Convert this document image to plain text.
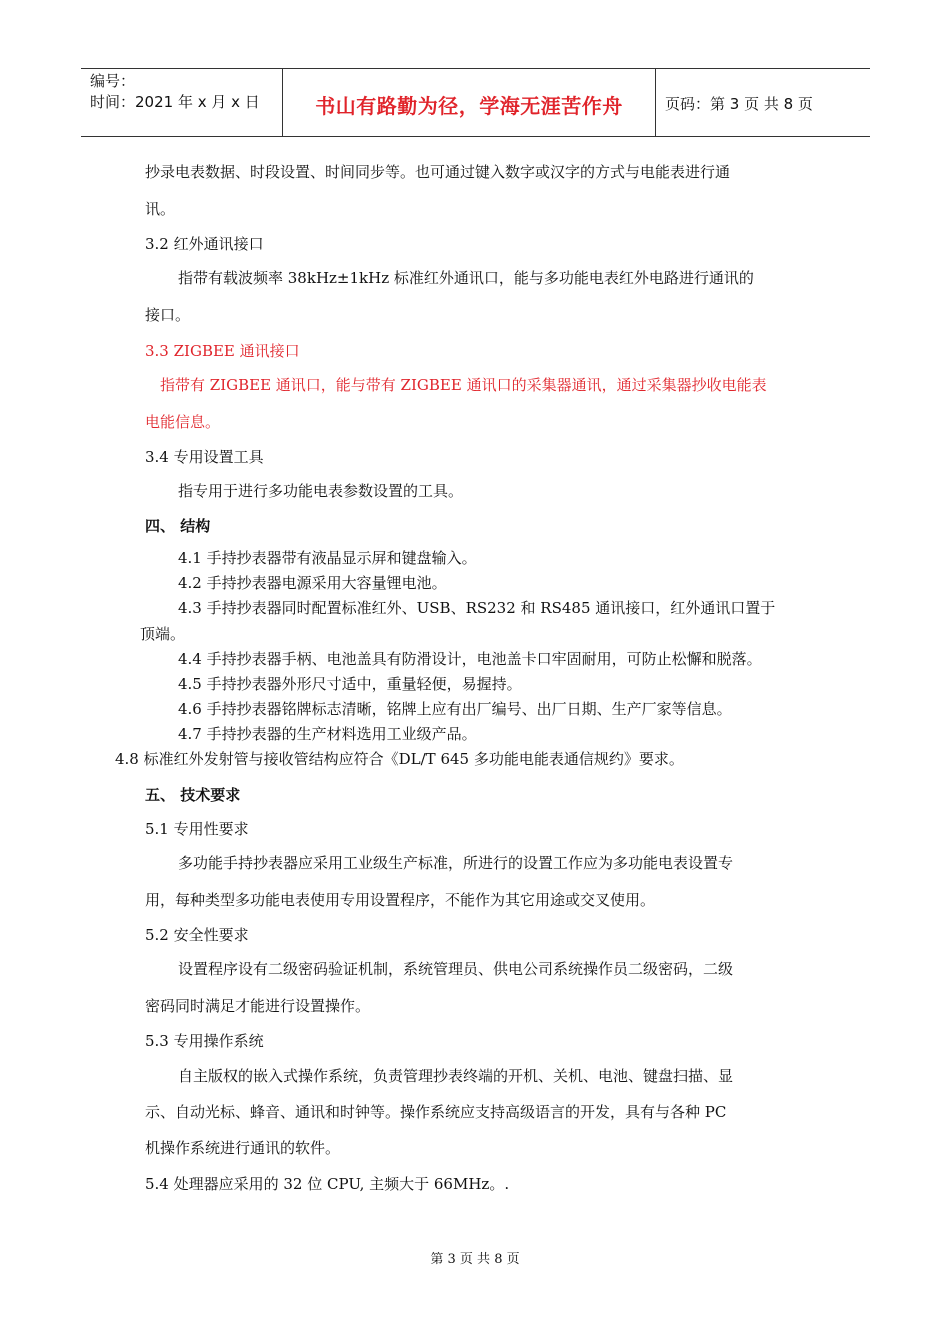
编号：
时间：2021 年 x 月 x 日	书山有路勤为径，学海无涯苦作舟	页码：第 3 页 共 8 页
抄录电表数据、时段设置、时间同步等。也可通过键入数字或汉字的方式与电能表进行通
讯。
3.2 红外通讯接口
指带有载波频率 38kHz±1kHz 标准红外通讯口，能与多功能电表红外电路进行通讯的
接口。
3.3 ZIGBEE 通讯接口
指带有 ZIGBEE 通讯口，能与带有 ZIGBEE 通讯口的采集器通讯，通过采集器抄收电能表
电能信息。
3.4 专用设置工具
指专用于进行多功能电表参数设置的工具。
四、 结构
4.1 手持抄表器带有液晶显示屏和键盘输入。
4.2 手持抄表器电源采用大容量锂电池。
4.3 手持抄表器同时配置标准红外、USB、RS232 和 RS485 通讯接口，红外通讯口置于
顶端。
4.4 手持抄表器手柄、电池盖具有防滑设计，电池盖卡口牢固耐用，可防止松懈和脱落。
4.5 手持抄表器外形尺寸适中，重量轻便，易握持。
4.6 手持抄表器铭牌标志清晰，铭牌上应有出厂编号、出厂日期、生产厂家等信息。
4.7 手持抄表器的生产材料选用工业级产品。
4.8 标准红外发射管与接收管结构应符合《DL/T 645 多功能电能表通信规约》要求。
五、 技术要求
5.1 专用性要求
多功能手持抄表器应采用工业级生产标准，所进行的设置工作应为多功能电表设置专
用，每种类型多功能电表使用专用设置程序，不能作为其它用途或交叉使用。
5.2 安全性要求
设置程序设有二级密码验证机制，系统管理员、供电公司系统操作员二级密码，二级
密码同时满足才能进行设置操作。
5.3 专用操作系统
自主版权的嵌入式操作系统，负责管理抄表终端的开机、关机、电池、键盘扫描、显
示、自动光标、蜂音、通讯和时钟等。操作系统应支持高级语言的开发，具有与各种 PC
机操作系统进行通讯的软件。
5.4 处理器应采用的 32 位 CPU, 主频大于 66MHz。.
第 3 页 共 8 页
